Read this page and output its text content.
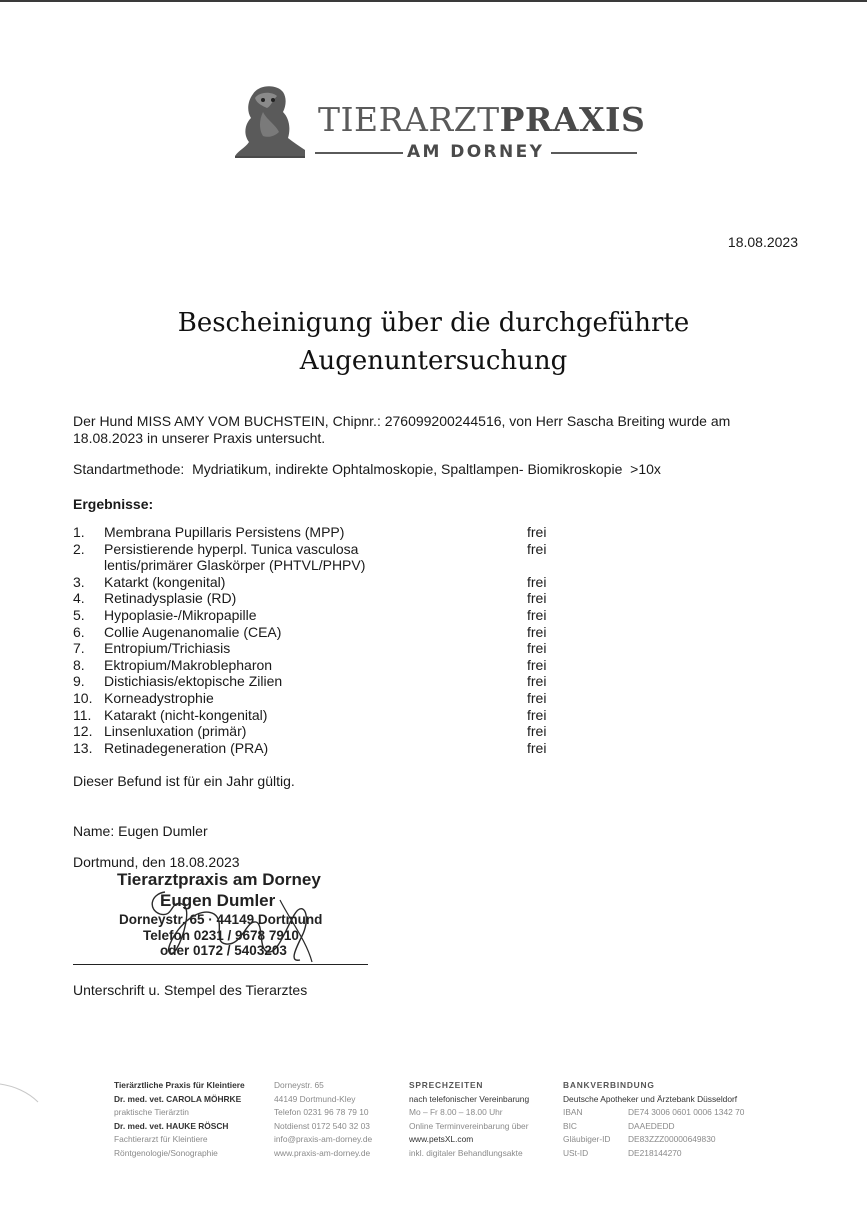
TIERARZTPRAXIS
AM DORNEY
18.08.2023
Bescheinigung über die durchgeführte
Augenuntersuchung
Der Hund MISS AMY VOM BUCHSTEIN, Chipnr.: 276099200244516, von Herr Sascha Breiting wurde am 18.08.2023 in unserer Praxis untersucht.
Standartmethode:  Mydriatikum, indirekte Ophtalmoskopie, Spaltlampen- Biomikroskopie  >10x
Ergebnisse:
1.	Membrana Pupillaris Persistens (MPP)	frei
2.	Persistierende hyperpl. Tunica vasculosa	frei
lentis/primärer Glaskörper (PHTVL/PHPV)
3.	Katarkt (kongenital)	frei
4.	Retinadysplasie (RD)	frei
5.	Hypoplasie-/Mikropapille	frei
6.	Collie Augenanomalie (CEA)	frei
7.	Entropium/Trichiasis	frei
8.	Ektropium/Makroblepharon	frei
9.	Distichiasis/ektopische Zilien	frei
10. Korneadystrophie	frei
11. Katarakt (nicht-kongenital)	frei
12. Linsenluxation (primär)	frei
13. Retinadegeneration (PRA)	frei
Dieser Befund ist für ein Jahr gültig.
Name: Eugen Dumler
Dortmund, den 18.08.2023
Tierarztpraxis am Dorney
Eugen Dumler
Dorneystr. 65 · 44149 Dortmund
Telefon 0231 / 9678 7910
oder 0172 / 5403203
Unterschrift u. Stempel des Tierarztes
Tierärztliche Praxis für Kleintiere
Dr. med. vet. CAROLA MÖHRKE
praktische Tierärztin
Dr. med. vet. HAUKE RÖSCH
Fachtierarzt für Kleintiere
Röntgenologie/Sonographie
Dorneystr. 65
44149 Dortmund-Kley
Telefon 0231 96 78 79 10
Notdienst 0172 540 32 03
info@praxis-am-dorney.de
www.praxis-am-dorney.de
SPRECHZEITEN
nach telefonischer Vereinbarung
Mo – Fr 8.00 – 18.00 Uhr
Online Terminvereinbarung über
www.petsXL.com
inkl. digitaler Behandlungsakte
BANKVERBINDUNG
Deutsche Apotheker und Ärztebank Düsseldorf
IBAN	DE74 3006 0601 0006 1342 70
BIC	DAAEDEDD
Gläubiger-ID DE83ZZZ00000649830
USt-ID	DE218144270
